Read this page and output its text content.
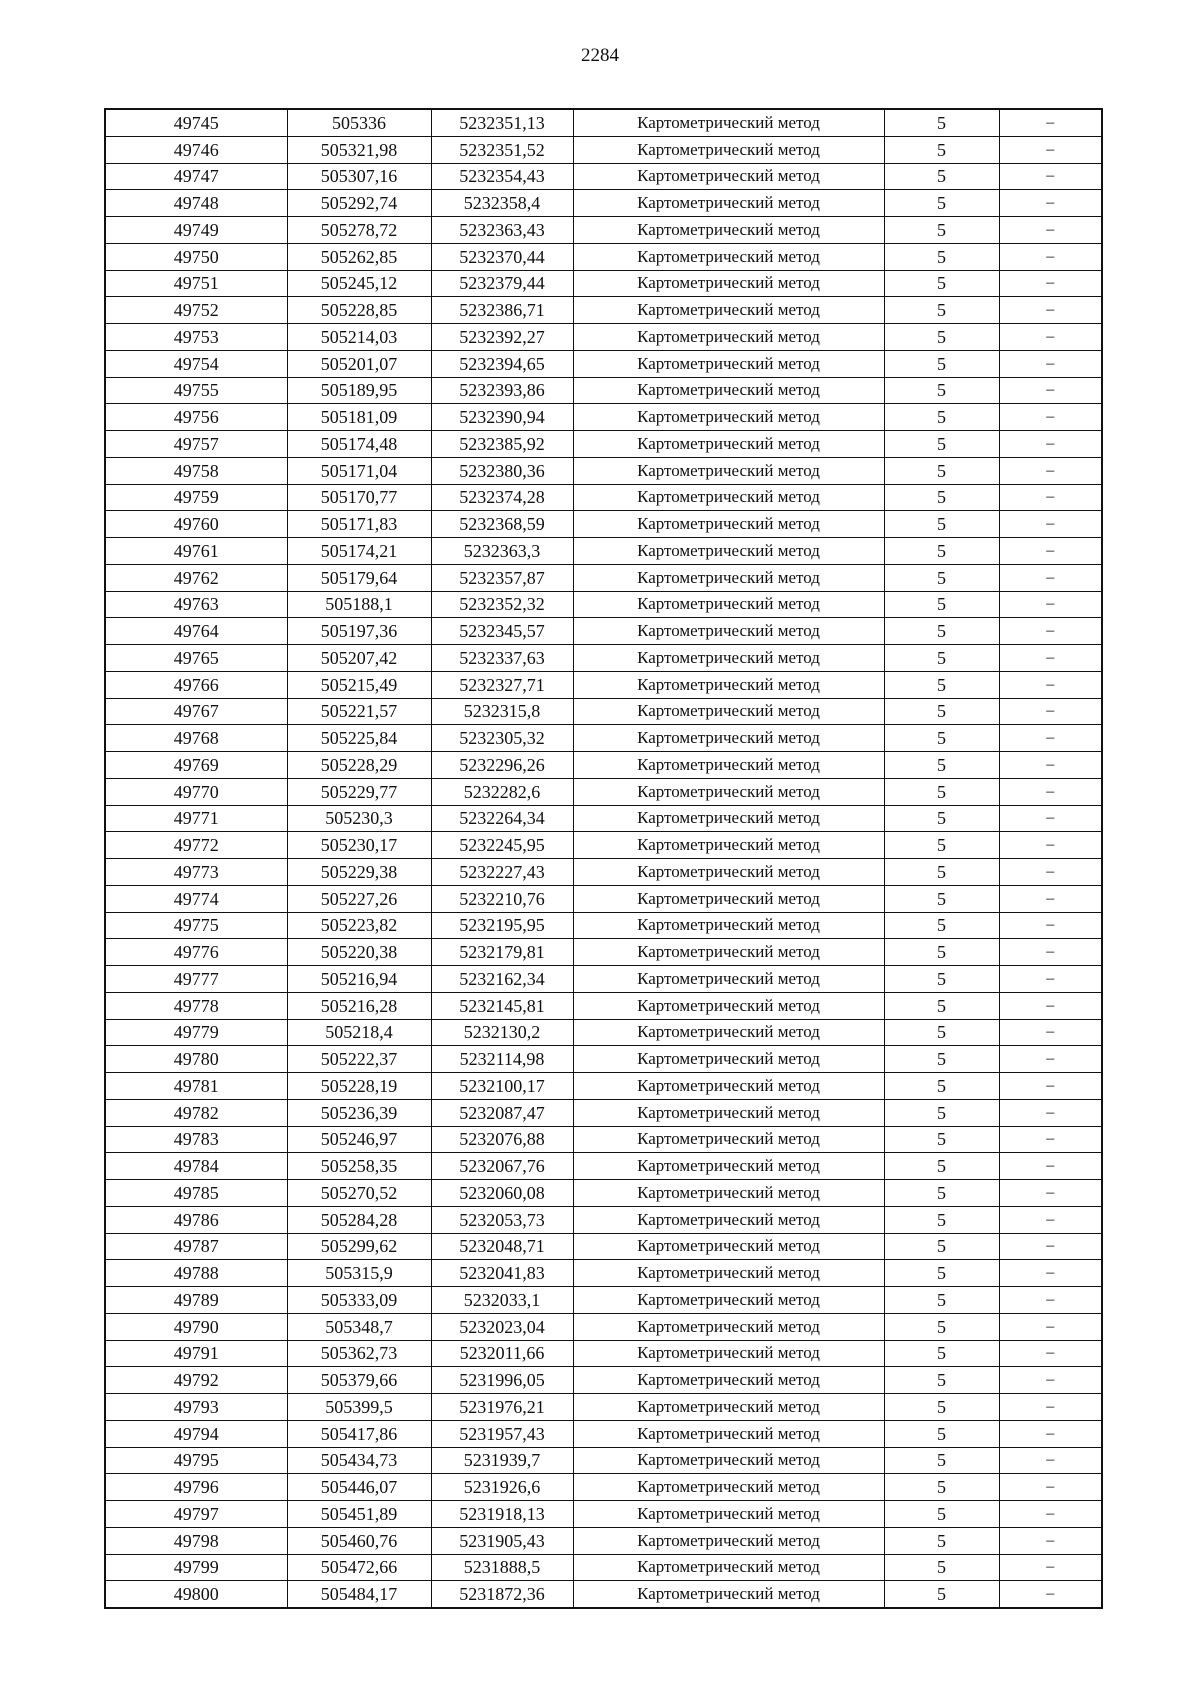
2284
49745	505336	5232351,13	Картометрический метод	5	–
49746	505321,98	5232351,52	Картометрический метод	5	–
49747	505307,16	5232354,43	Картометрический метод	5	–
49748	505292,74	5232358,4	Картометрический метод	5	–
49749	505278,72	5232363,43	Картометрический метод	5	–
49750	505262,85	5232370,44	Картометрический метод	5	–
49751	505245,12	5232379,44	Картометрический метод	5	–
49752	505228,85	5232386,71	Картометрический метод	5	–
49753	505214,03	5232392,27	Картометрический метод	5	–
49754	505201,07	5232394,65	Картометрический метод	5	–
49755	505189,95	5232393,86	Картометрический метод	5	–
49756	505181,09	5232390,94	Картометрический метод	5	–
49757	505174,48	5232385,92	Картометрический метод	5	–
49758	505171,04	5232380,36	Картометрический метод	5	–
49759	505170,77	5232374,28	Картометрический метод	5	–
49760	505171,83	5232368,59	Картометрический метод	5	–
49761	505174,21	5232363,3	Картометрический метод	5	–
49762	505179,64	5232357,87	Картометрический метод	5	–
49763	505188,1	5232352,32	Картометрический метод	5	–
49764	505197,36	5232345,57	Картометрический метод	5	–
49765	505207,42	5232337,63	Картометрический метод	5	–
49766	505215,49	5232327,71	Картометрический метод	5	–
49767	505221,57	5232315,8	Картометрический метод	5	–
49768	505225,84	5232305,32	Картометрический метод	5	–
49769	505228,29	5232296,26	Картометрический метод	5	–
49770	505229,77	5232282,6	Картометрический метод	5	–
49771	505230,3	5232264,34	Картометрический метод	5	–
49772	505230,17	5232245,95	Картометрический метод	5	–
49773	505229,38	5232227,43	Картометрический метод	5	–
49774	505227,26	5232210,76	Картометрический метод	5	–
49775	505223,82	5232195,95	Картометрический метод	5	–
49776	505220,38	5232179,81	Картометрический метод	5	–
49777	505216,94	5232162,34	Картометрический метод	5	–
49778	505216,28	5232145,81	Картометрический метод	5	–
49779	505218,4	5232130,2	Картометрический метод	5	–
49780	505222,37	5232114,98	Картометрический метод	5	–
49781	505228,19	5232100,17	Картометрический метод	5	–
49782	505236,39	5232087,47	Картометрический метод	5	–
49783	505246,97	5232076,88	Картометрический метод	5	–
49784	505258,35	5232067,76	Картометрический метод	5	–
49785	505270,52	5232060,08	Картометрический метод	5	–
49786	505284,28	5232053,73	Картометрический метод	5	–
49787	505299,62	5232048,71	Картометрический метод	5	–
49788	505315,9	5232041,83	Картометрический метод	5	–
49789	505333,09	5232033,1	Картометрический метод	5	–
49790	505348,7	5232023,04	Картометрический метод	5	–
49791	505362,73	5232011,66	Картометрический метод	5	–
49792	505379,66	5231996,05	Картометрический метод	5	–
49793	505399,5	5231976,21	Картометрический метод	5	–
49794	505417,86	5231957,43	Картометрический метод	5	–
49795	505434,73	5231939,7	Картометрический метод	5	–
49796	505446,07	5231926,6	Картометрический метод	5	–
49797	505451,89	5231918,13	Картометрический метод	5	–
49798	505460,76	5231905,43	Картометрический метод	5	–
49799	505472,66	5231888,5	Картометрический метод	5	–
49800	505484,17	5231872,36	Картометрический метод	5	–
